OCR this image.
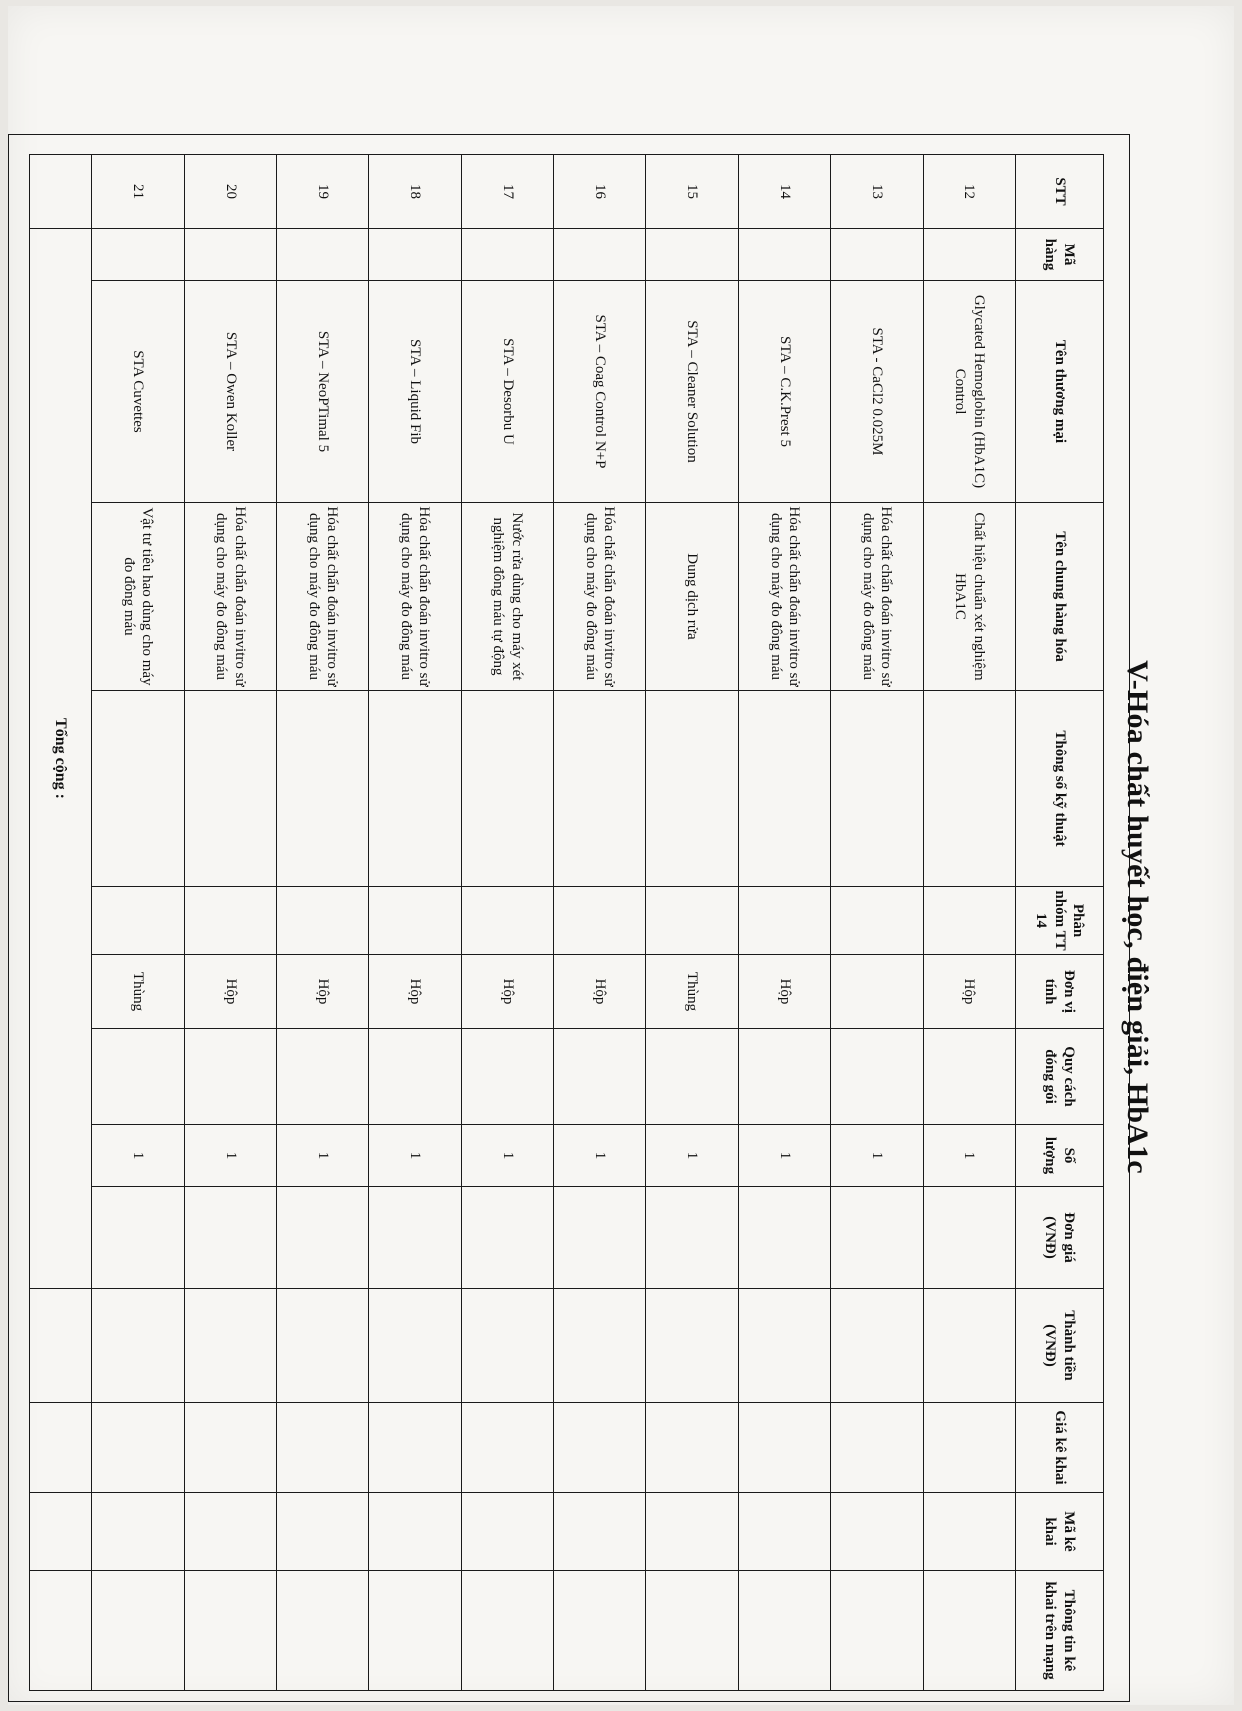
V-Hóa chất huyết học, điện giải, HbA1c
STT	Mã hàng	Tên thương mại	Tên chung hàng hóa	Thông số kỹ thuật	Phân nhóm TT 14	Đơn vị tính	Quy cách đóng gói	Số lượng	Đơn giá (VNĐ)	Thành tiền (VNĐ)	Giá kê khai	Mã kê khai	Thông tin kê khai trên mạng
12		Glycated Hemoglobin (HbA1C) Control	Chất hiệu chuẩn xét nghiệm HbA1C			Hộp		1					
13		STA - CaCl2 0.025M	Hóa chất chẩn đoán invitro sử dụng cho máy đo đông máu					1					
14		STA – C.K.Prest 5	Hóa chất chẩn đoán invitro sử dụng cho máy đo đông máu			Hộp		1					
15		STA – Cleaner Solution	Dung dịch rửa			Thùng		1					
16		STA – Coag Control N+P	Hóa chất chẩn đoán invitro sử dụng cho máy đo đông máu			Hộp		1					
17		STA – Desorbu U	Nước rửa dùng cho máy xét nghiệm đông máu tự động			Hộp		1					
18		STA – Liquid Fib	Hóa chất chẩn đoán invitro sử dụng cho máy đo đông máu			Hộp		1					
19		STA – NeoPTimal 5	Hóa chất chẩn đoán invitro sử dụng cho máy đo đông máu			Hộp		1					
20		STA – Owen Koller	Hóa chất chẩn đoán invitro sử dụng cho máy đo đông máu			Hộp		1					
21		STA Cuvettes	Vật tư tiêu hao dùng cho máy đo đông máu			Thùng		1					
	Tổng cộng :												
